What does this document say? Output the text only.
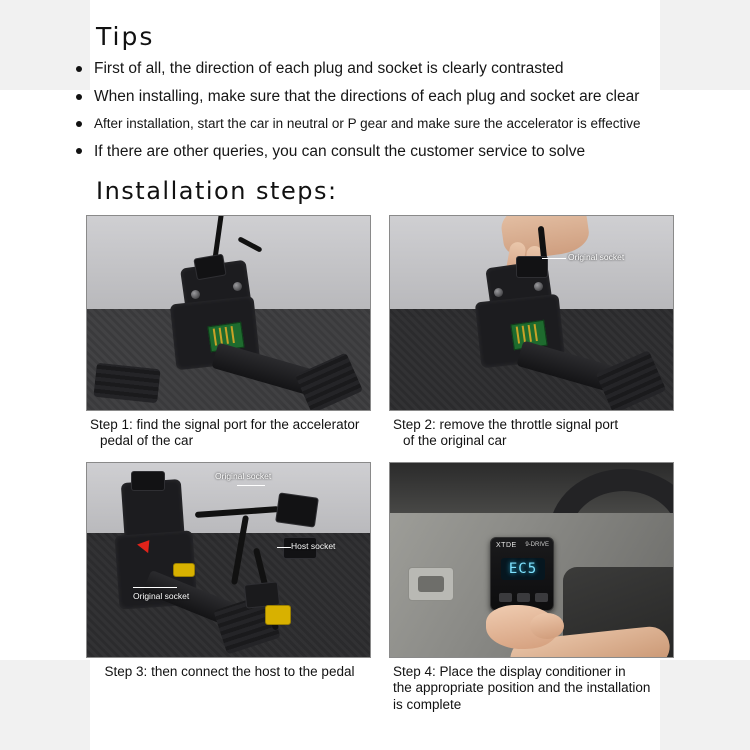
Tips
First of all, the direction of each plug and socket is clearly contrasted
When installing, make sure that the directions of each plug and socket are clear
After installation, start the car in neutral or P gear and make sure the accelerator is effective
If there are other queries, you can consult the customer service to solve
Installation steps:
Step 1: find the signal port for the accelerator
pedal of the car
Original socket
Step 2: remove the throttle signal port
of the original car
Original socket
Host socket
Original socket
Step 3: then connect the host to the pedal
XTDE 9-DRIVE
EC5
Step 4: Place the display conditioner in
the appropriate position and the installation
is complete
